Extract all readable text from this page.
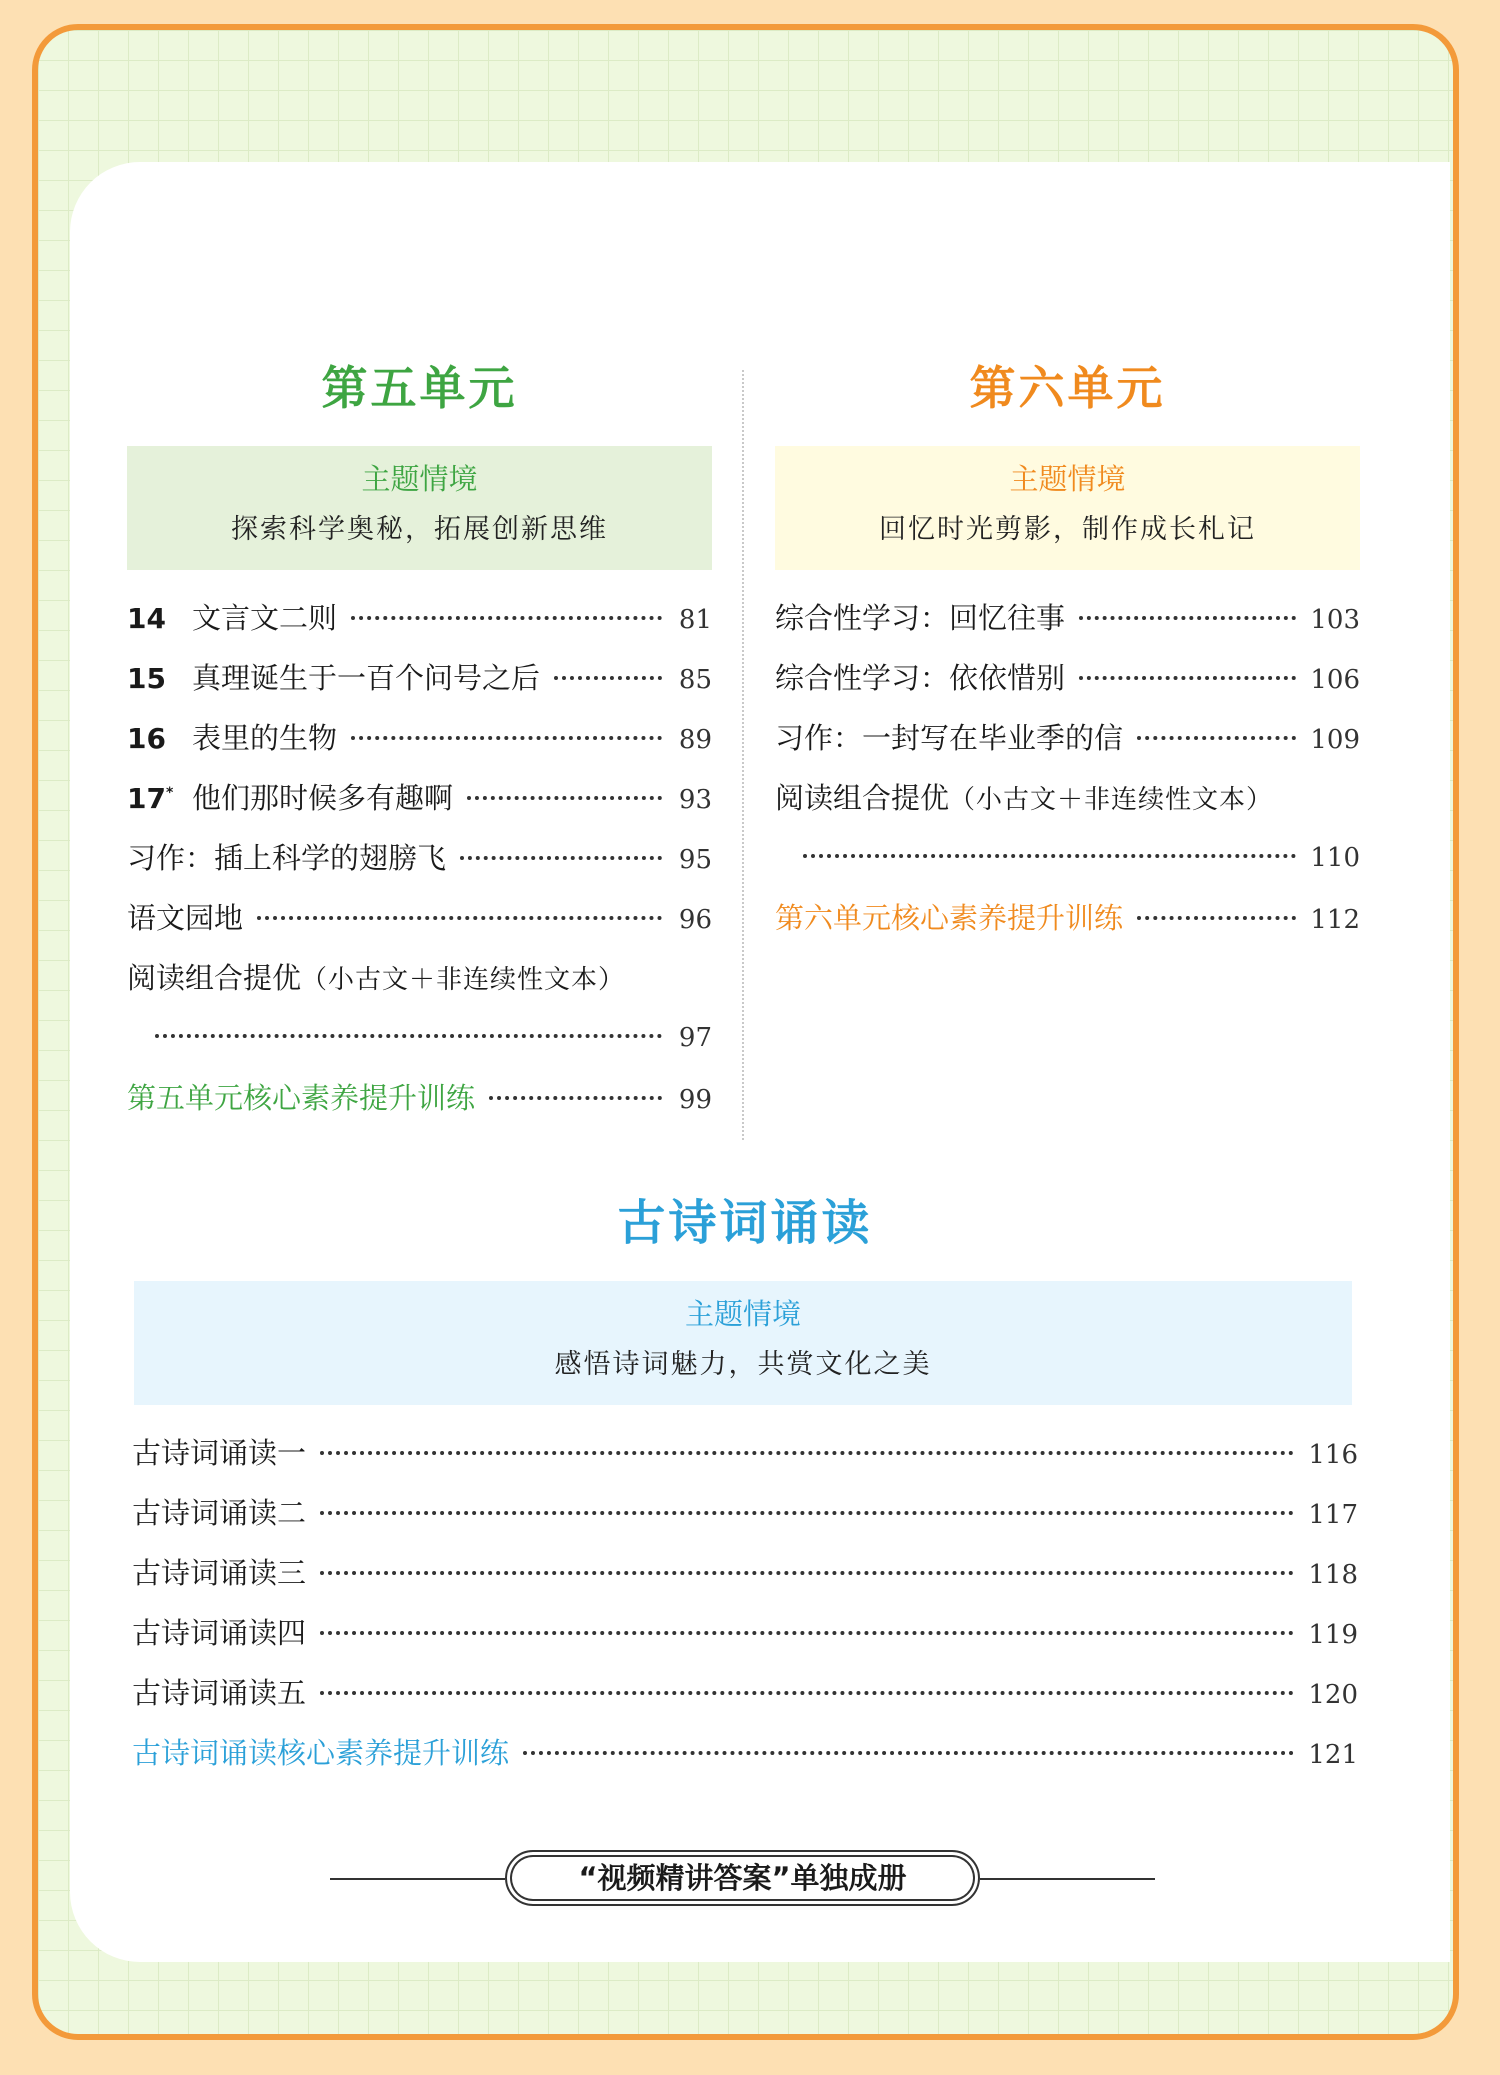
第五单元
主题情境
探索科学奥秘，拓展创新思维
14 文言文二则	81
15 真理诞生于一百个问号之后	85
16 表里的生物	89
17* 他们那时候多有趣啊	93
习作：插上科学的翅膀飞	95
语文园地	96
阅读组合提优 （小古文＋非连续性文本）
97
第五单元核心素养提升训练	99
第六单元
主题情境
回忆时光剪影，制作成长札记
综合性学习：回忆往事	103
综合性学习：依依惜别	106
习作：一封写在毕业季的信	109
阅读组合提优 （小古文＋非连续性文本）
110
第六单元核心素养提升训练	112
古诗词诵读
主题情境
感悟诗词魅力，共赏文化之美
古诗词诵读一	116
古诗词诵读二	117
古诗词诵读三	118
古诗词诵读四	119
古诗词诵读五	120
古诗词诵读核心素养提升训练	121
“视频精讲答案”单独成册
